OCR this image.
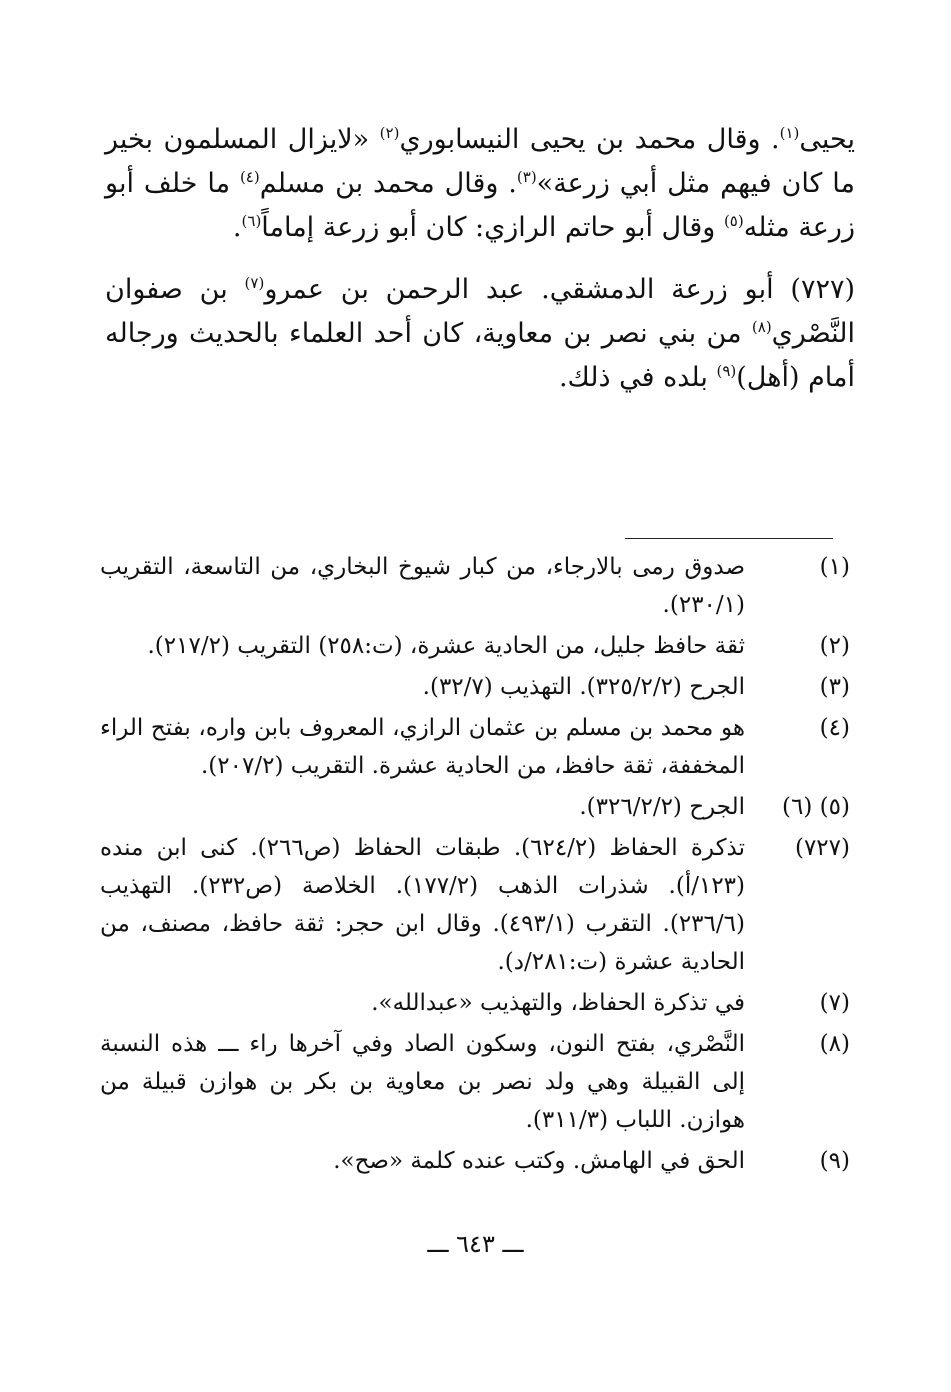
يحيى$^{(١)}$. وقال محمد بن يحيى النيسابوري$^{(٢)}$ «لايزال المسلمون بخير ما كان فيهم مثل أبي زرعة»$^{(٣)}$. وقال محمد بن مسلم$^{(٤)}$ ما خلف أبو زرعة مثله$^{(٥)}$ وقال أبو حاتم الرازي: كان أبو زرعة إماماً$^{(٦)}$.
(٧٢٧) أبو زرعة الدمشقي. عبد الرحمن بن عمرو$^{(٧)}$ بن صفوان النَّصْري$^{(٨)}$ من بني نصر بن معاوية، كان أحد العلماء بالحديث ورجاله أمام (أهل)$^{(٩)}$ بلده في ذلك.
(١)
صدوق رمى بالارجاء، من كبار شيوخ البخاري، من التاسعة، التقريب (٢٣٠/١).
(٢)
ثقة حافظ جليل، من الحادية عشرة، (ت:٢٥٨) التقريب (٢١٧/٢).
(٣)
الجرح (٣٢٥/٢/٢). التهذيب (٣٢/٧).
(٤)
هو محمد بن مسلم بن عثمان الرازي، المعروف بابن واره، بفتح الراء المخففة، ثقة حافظ، من الحادية عشرة. التقريب (٢٠٧/٢).
(٥) (٦)
الجرح (٣٢٦/٢/٢).
(٧٢٧)
تذكرة الحفاظ (٦٢٤/٢). طبقات الحفاظ (ص٢٦٦). كنى ابن منده (١٢٣/أ). شذرات الذهب (١٧٧/٢). الخلاصة (ص٢٣٢). التهذيب (٢٣٦/٦). التقرب (٤٩٣/١). وقال ابن حجر: ثقة حافظ، مصنف، من الحادية عشرة (ت:٢٨١/د).
(٧)
في تذكرة الحفاظ، والتهذيب «عبدالله».
(٨)
النَّصْري، بفتح النون، وسكون الصاد وفي آخرها راء ـــ هذه النسبة إلى القبيلة وهي ولد نصر بن معاوية بن بكر بن هوازن قبيلة من هوازن. اللباب (٣١١/٣).
(٩)
الحق في الهامش. وكتب عنده كلمة «صح».
ـــ ٦٤٣ ـــ
